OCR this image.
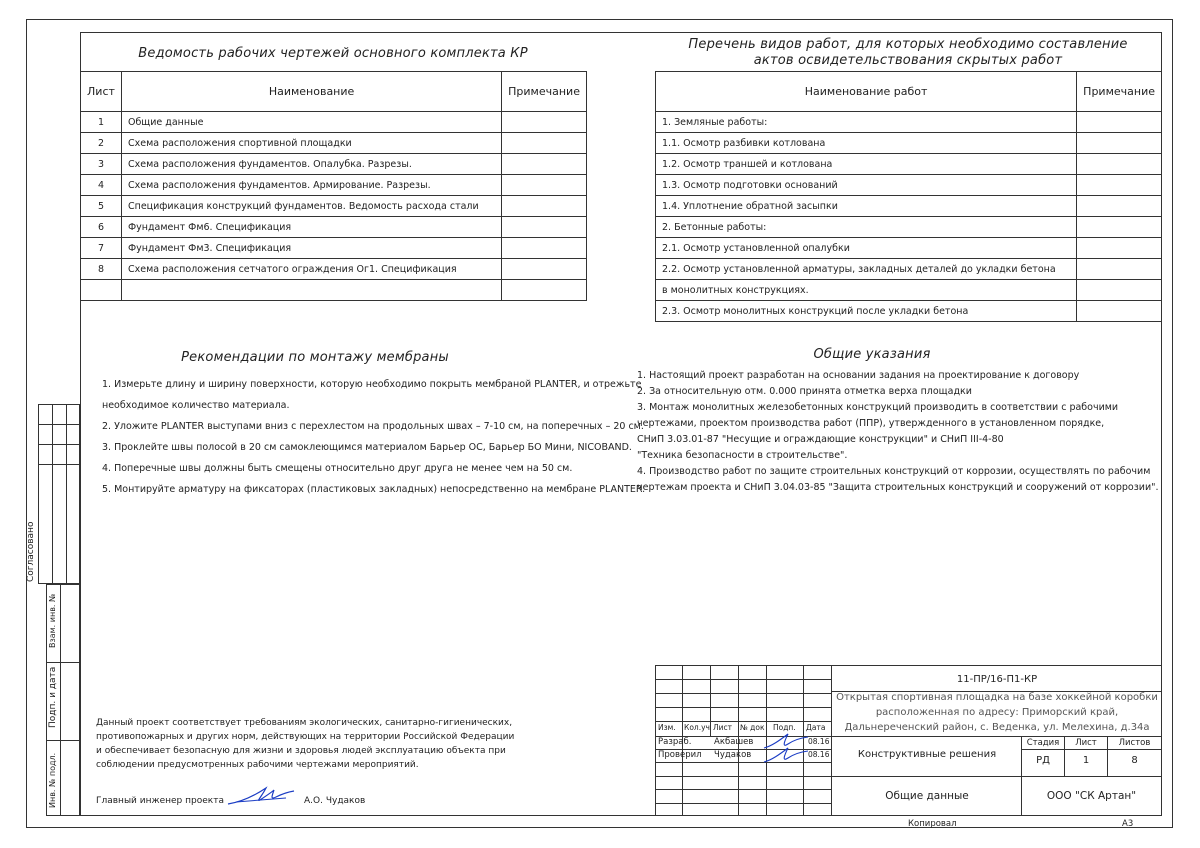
Согласовано
Взам. инв. №
Подп. и дата
Инв. № подл.
Ведомость рабочих чертежей основного комплекта КР
Лист	Наименование	Примечание
1	Общие данные	
2	Схема расположения спортивной площадки	
3	Схема расположения фундаментов. Опалубка. Разрезы.	
4	Схема расположения фундаментов. Армирование. Разрезы.	
5	Спецификация конструкций фундаментов. Ведомость расхода стали	
6	Фундамент Фм6. Спецификация	
7	Фундамент Фм3. Спецификация	
8	Схема расположения сетчатого ограждения Ог1. Спецификация	

Перечень видов работ, для которых необходимо составление
актов освидетельствования скрытых работ
Наименование работ	Примечание
1. Земляные работы:	
1.1. Осмотр разбивки котлована	
1.2. Осмотр траншей и котлована	
1.3. Осмотр подготовки оснований	
1.4. Уплотнение обратной засыпки	
2. Бетонные работы:	
2.1. Осмотр установленной опалубки	
2.2. Осмотр установленной арматуры, закладных деталей до укладки бетона	
в монолитных конструкциях.	
2.3. Осмотр монолитных конструкций после укладки бетона	
Рекомендации по монтажу мембраны
1. Измерьте длину и ширину поверхности, которую необходимо покрыть мембраной PLANTER, и отрежьте
необходимое количество материала.
2. Уложите PLANTER выступами вниз с перехлестом на продольных швах – 7-10 см, на поперечных – 20 см.
3. Проклейте швы полосой в 20 см самоклеющимся материалом Барьер ОС, Барьер БО Мини, NICOBAND.
4. Поперечные швы должны быть смещены относительно друг друга не менее чем на 50 см.
5. Монтируйте арматуру на фиксаторах (пластиковых закладных) непосредственно на мембране PLANTER.
Общие указания
1. Настоящий проект разработан на основании задания на проектирование к договору
2. За относительную отм. 0.000 принята отметка верха площадки
3. Монтаж монолитных железобетонных конструкций производить в соответствии с рабочими
чертежами, проектом производства работ (ППР), утвержденного в установленном порядке,
СНиП 3.03.01-87 "Несущие и ограждающие конструкции" и СНиП III-4-80
"Техника безопасности в строительстве".
4. Производство работ по защите строительных конструкций от коррозии, осуществлять по рабочим
чертежам проекта и СНиП 3.04.03-85 "Защита строительных конструкций и сооружений от коррозии".
Данный проект соответствует требованиям экологических, санитарно-гигиенических,
противопожарных и других норм, действующих на территории Российской Федерации
и обеспечивает безопасную для жизни и здоровья людей эксплуатацию объекта при
соблюдении предусмотренных рабочими чертежами мероприятий.
Главный инженер проекта	А.О. Чудаков
11-ПР/16-П1-КР
Открытая спортивная площадка на базе хоккейной коробки
расположенная по адресу: Приморский край,
Дальнереченский район, с. Веденка, ул. Мелехина, д.34а
Изм. Кол.уч Лист № док Подп. Дата
Разраб.	Акбашев	08.16
Проверил Чудаков	08.16	Конструктивные решения
Стадия	Лист	Листов
РД	1	8
Общие данные	ООО "СК Артан"
Копировал	А3
